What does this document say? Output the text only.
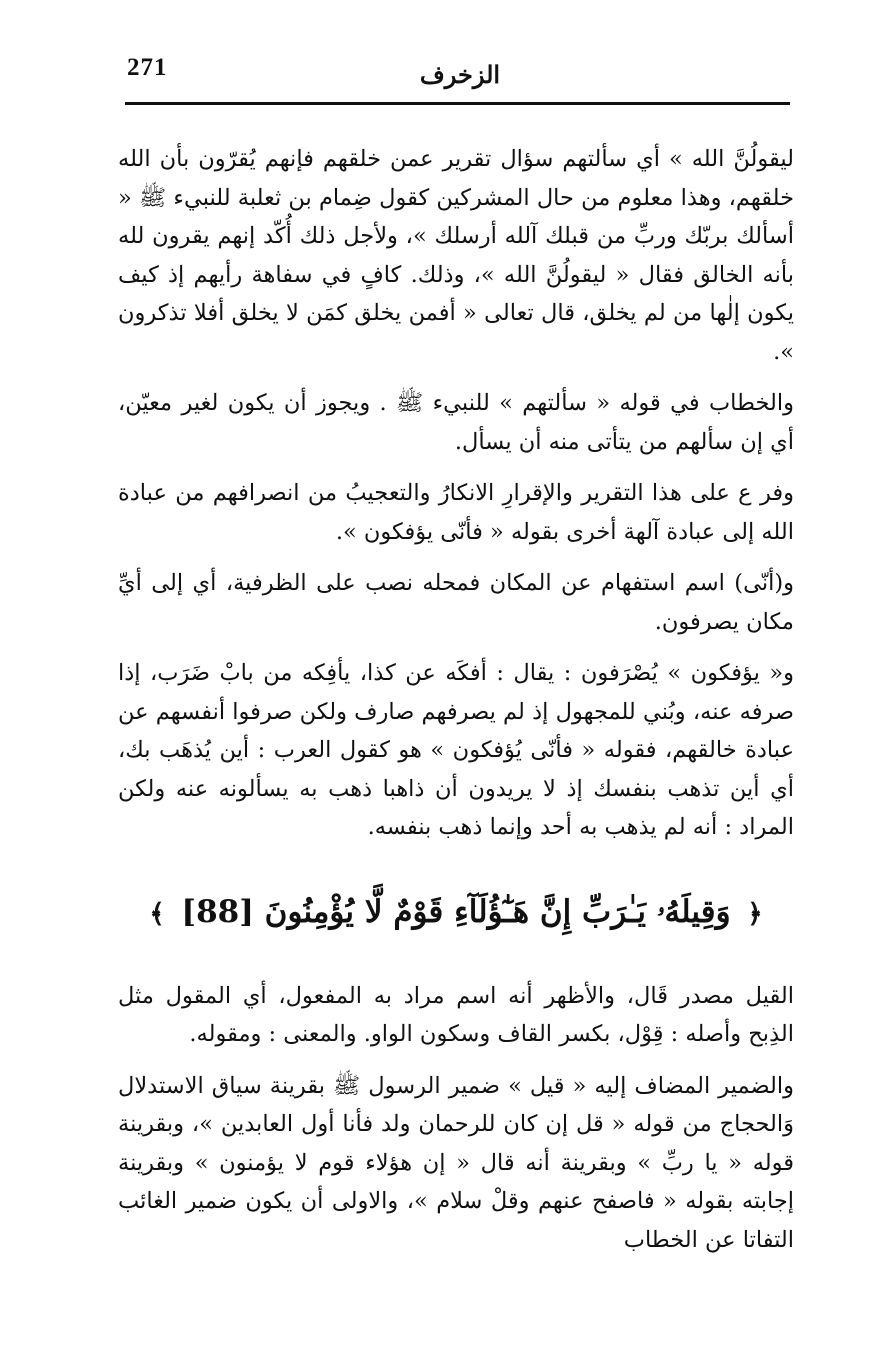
271	الزخرف

ليقولُنَّ الله » أي سألتهم سؤال تقرير عمن خلقهم فإنهم يُقرّون بأن الله خلقهم، وهذا معلوم من حال المشركين كقول ضِمام بن ثعلبة للنبيء ﷺ « أسألك بربّك وربِّ من قبلك آلله أرسلك »، ولأجل ذلك أُكّد إنهم يقرون لله بأنه الخالق فقال « ليقولُنَّ الله »، وذلك. كافٍ في سفاهة رأيهم إذ كيف يكون إلٰها من لم يخلق، قال تعالى « أفمن يخلق كمَن لا يخلق أفلا تذكرون ».

والخطاب في قوله « سألتهم » للنبيء ﷺ . ويجوز أن يكون لغير معيّن، أي إن سألهم من يتأتى منه أن يسأل.

وفر ع على هذا التقرير والإقرارِ الانكارُ والتعجيبُ من انصرافهم من عبادة الله إلى عبادة آلهة أخرى بقوله « فأنّى يؤفكون ».

و(أنّى) اسم استفهام عن المكان فمحله نصب على الظرفية، أي إلى أيِّ مكان يصرفون.

و« يؤفكون » يُصْرَفون : يقال : أفكَه عن كذا، يأفِكه من بابْ ضَرَب، إذا صرفه عنه، وبُني للمجهول إذ لم يصرفهم صارف ولكن صرفوا أنفسهم عن عبادة خالقهم، فقوله « فأنّى يُؤفكون » هو كقول العرب : أين يُذهَب بك، أي أين تذهب بنفسك إذ لا يريدون أن ذاهبا ذهب به يسألونه عنه ولكن المراد : أنه لم يذهب به أحد وإنما ذهب بنفسه.

﴿ وَقِيلَهُۥ يَـٰرَبِّ إِنَّ هَـٰٓؤُلَآءِ قَوْمٌ لَّا يُؤْمِنُونَ [88] ﴾

القيل مصدر قَال، والأظهر أنه اسم مراد به المفعول، أي المقول مثل الذِبح وأصله : قِوْل، بكسر القاف وسكون الواو. والمعنى : ومقوله.

والضمير المضاف إليه « قيل » ضمير الرسول ﷺ بقرينة سياق الاستدلال وَالحجاج من قوله « قل إن كان للرحمان ولد فأنا أول العابدين »، وبقرينة قوله « يا ربِّ » وبقرينة أنه قال « إن هؤلاء قوم لا يؤمنون » وبقرينة إجابته بقوله « فاصفح عنهم وقلْ سلام »، والاولى أن يكون ضمير الغائب التفاتا عن الخطاب
